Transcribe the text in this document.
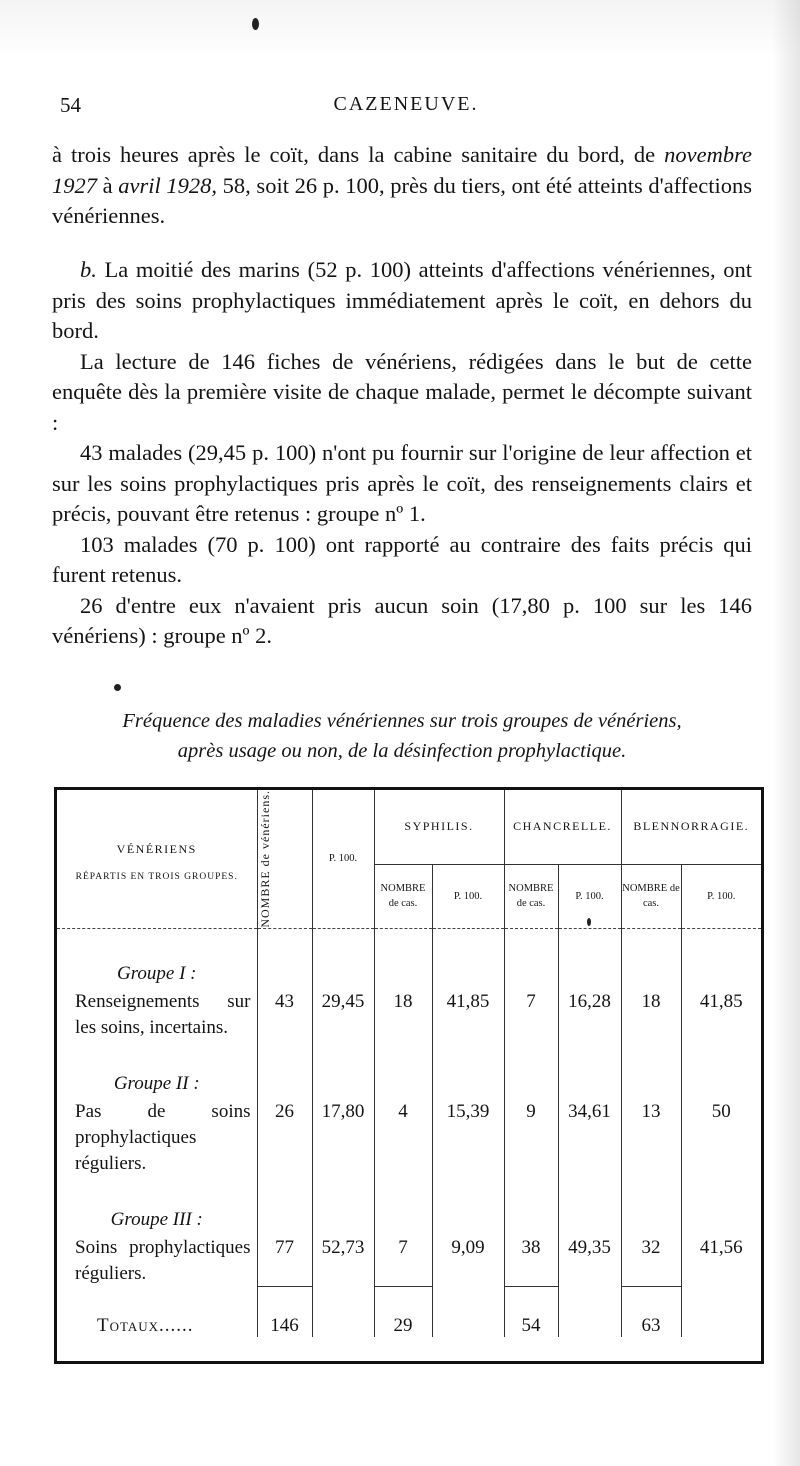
54	CAZENEUVE.

à trois heures après le coït, dans la cabine sanitaire du bord, de novembre 1927 à avril 1928, 58, soit 26 p. 100, près du tiers, ont été atteints d'affections vénériennes.

b. La moitié des marins (52 p. 100) atteints d'affections vénériennes, ont pris des soins prophylactiques immédiatement après le coït, en dehors du bord.

La lecture de 146 fiches de vénériens, rédigées dans le but de cette enquête dès la première visite de chaque malade, permet le décompte suivant :

43 malades (29,45 p. 100) n'ont pu fournir sur l'origine de leur affection et sur les soins prophylactiques pris après le coït, des renseignements clairs et précis, pouvant être retenus : groupe nº 1.

103 malades (70 p. 100) ont rapporté au contraire des faits précis qui furent retenus.

26 d'entre eux n'avaient pris aucun soin (17,80 p. 100 sur les 146 vénériens) : groupe nº 2.

Fréquence des maladies vénériennes sur trois groupes de vénériens,
après usage ou non, de la désinfection prophylactique.
VÉNÉRIENS
RÉPARTIS EN TROIS GROUPES.	NOMBRE de vénériens.	P. 100.	SYPHILIS.		CHANCRELLE.		BLENNORRAGIE.	
			NOMBRE de cas.	P. 100.	NOMBRE de cas.	P. 100.	NOMBRE de cas.	P. 100.

Groupe I :								
Renseignements sur les soins, incertains.	43	29,45	18	41,85	7	16,28	18	41,85
Groupe II :								
Pas de soins prophylactiques réguliers.	26	17,80	4	15,39	9	34,61	13	50
Groupe III :								
Soins prophylactiques réguliers.	77	52,73	7	9,09	38	49,35	32	41,56
Totaux......	146		29		54		63	
